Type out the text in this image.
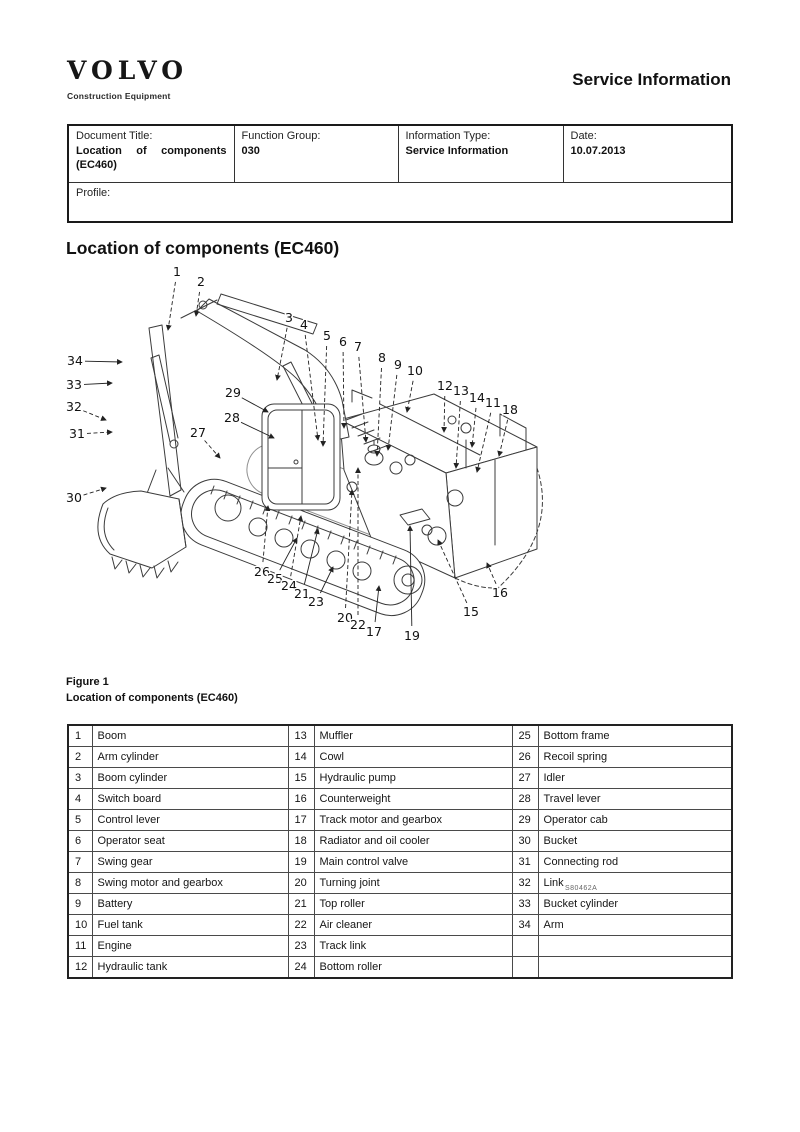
VOLVO
Construction Equipment
Service Information
Document Title:
Location of components (EC460)

Function Group:
030

Information Type:
Service Information

Date:
10.07.2013

Profile:
Location of components (EC460)
1
2
3 4
5 6 7
8 9 10
12 13 14 11 18
34
33
32
31
30
29
28
27
26
25
24
21
23
20
22 17 19
15
16
S80462A
Figure 1
Location of components (EC460)
1	Boom	13	Muffler	25	Bottom frame
2	Arm cylinder	14	Cowl	26	Recoil spring
3	Boom cylinder	15	Hydraulic pump	27	Idler
4	Switch board	16	Counterweight	28	Travel lever
5	Control lever	17	Track motor and gearbox	29	Operator cab
6	Operator seat	18	Radiator and oil cooler	30	Bucket
7	Swing gear	19	Main control valve	31	Connecting rod
8	Swing motor and gearbox	20	Turning joint	32	Link
9	Battery	21	Top roller	33	Bucket cylinder
10	Fuel tank	22	Air cleaner	34	Arm
11	Engine	23	Track link		
12	Hydraulic tank	24	Bottom roller		
